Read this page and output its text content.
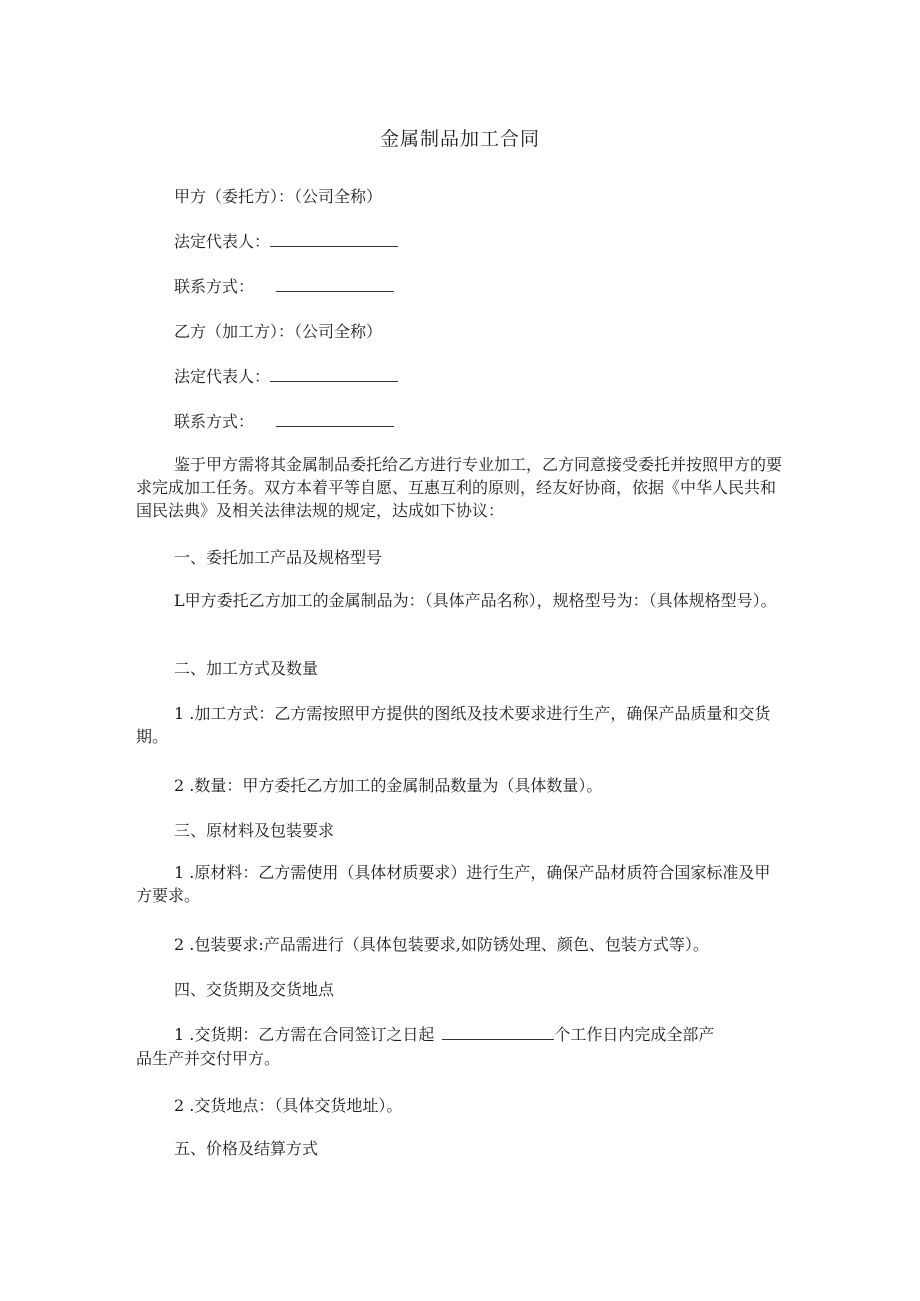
金属制品加工合同
甲方（委托方）：（公司全称）
法定代表人：
联系方式：
乙方（加工方）：（公司全称）
法定代表人：
联系方式：
鉴于甲方需将其金属制品委托给乙方进行专业加工，乙方同意接受委托并按照甲方的要求完成加工任务。双方本着平等自愿、互惠互利的原则，经友好协商，依据《中华人民共和国民法典》及相关法律法规的规定，达成如下协议：
一、委托加工产品及规格型号
L甲方委托乙方加工的金属制品为：（具体产品名称），规格型号为：（具体规格型号）。
二、加工方式及数量
1 .加工方式：乙方需按照甲方提供的图纸及技术要求进行生产，确保产品质量和交货期。
2 .数量：甲方委托乙方加工的金属制品数量为（具体数量）。
三、原材料及包装要求
1 .原材料：乙方需使用（具体材质要求）进行生产，确保产品材质符合国家标准及甲方要求。
2 .包装要求:产品需进行（具体包装要求,如防锈处理、颜色、包装方式等）。
四、交货期及交货地点
1 .交货期：乙方需在合同签订之日起	个工作日内完成全部产
品生产并交付甲方。
2 .交货地点：（具体交货地址）。
五、价格及结算方式
